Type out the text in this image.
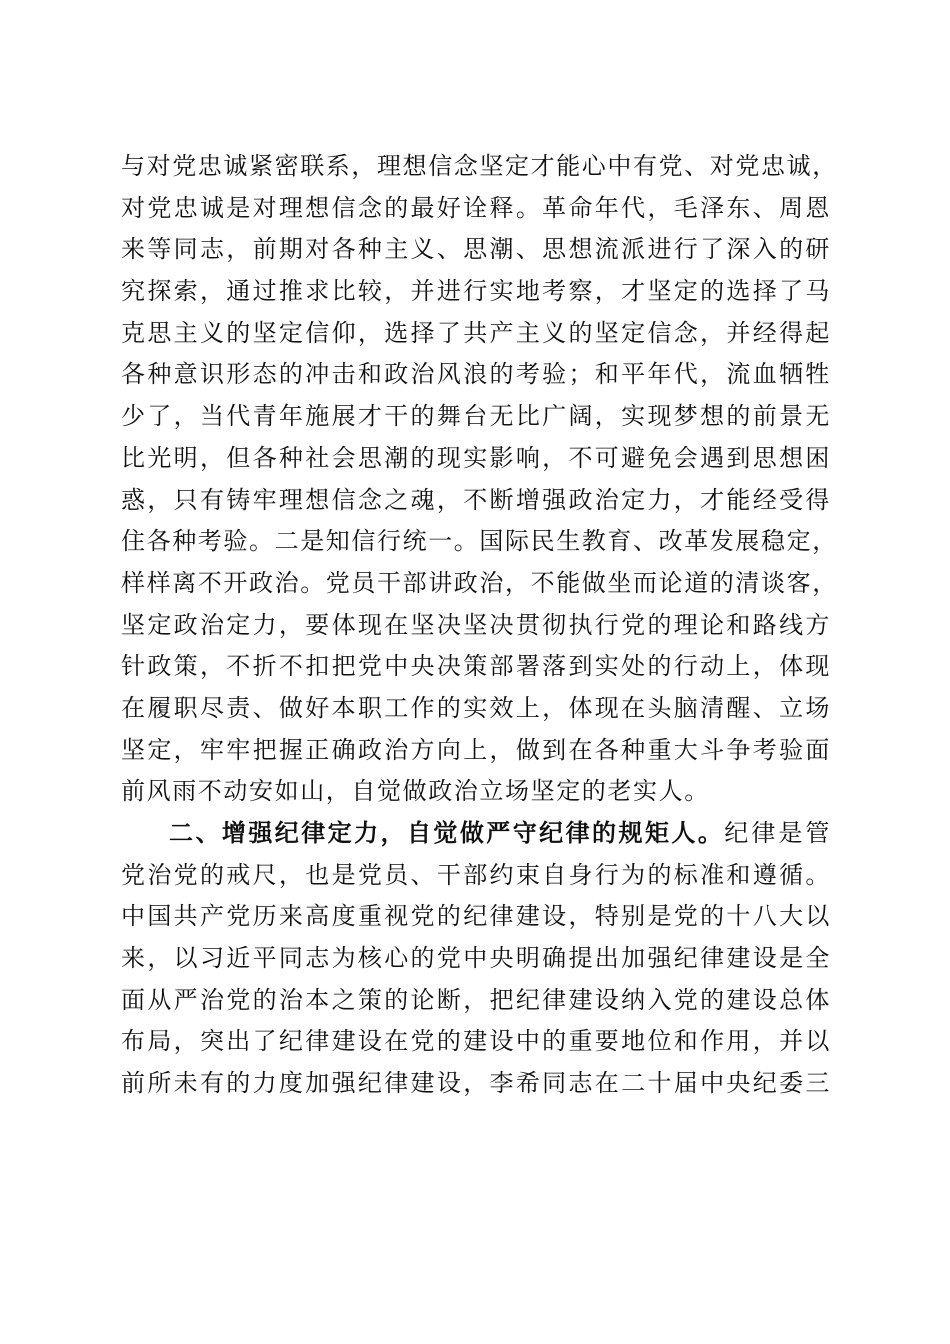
与对党忠诚紧密联系，理想信念坚定才能心中有党、对党忠诚，
对党忠诚是对理想信念的最好诠释。革命年代，毛泽东、周恩
来等同志，前期对各种主义、思潮、思想流派进行了深入的研
究探索，通过推求比较，并进行实地考察，才坚定的选择了马
克思主义的坚定信仰，选择了共产主义的坚定信念，并经得起
各种意识形态的冲击和政治风浪的考验；和平年代，流血牺牲
少了，当代青年施展才干的舞台无比广阔，实现梦想的前景无
比光明，但各种社会思潮的现实影响，不可避免会遇到思想困
惑，只有铸牢理想信念之魂，不断增强政治定力，才能经受得
住各种考验。二是知信行统一。国际民生教育、改革发展稳定，
样样离不开政治。党员干部讲政治，不能做坐而论道的清谈客，
坚定政治定力，要体现在坚决坚决贯彻执行党的理论和路线方
针政策，不折不扣把党中央决策部署落到实处的行动上，体现
在履职尽责、做好本职工作的实效上，体现在头脑清醒、立场
坚定，牢牢把握正确政治方向上，做到在各种重大斗争考验面
前风雨不动安如山，自觉做政治立场坚定的老实人。
二、增强纪律定力，自觉做严守纪律的规矩人。纪律是管
党治党的戒尺，也是党员、干部约束自身行为的标准和遵循。
中国共产党历来高度重视党的纪律建设，特别是党的十八大以
来，以习近平同志为核心的党中央明确提出加强纪律建设是全
面从严治党的治本之策的论断，把纪律建设纳入党的建设总体
布局，突出了纪律建设在党的建设中的重要地位和作用，并以
前所未有的力度加强纪律建设，李希同志在二十届中央纪委三
